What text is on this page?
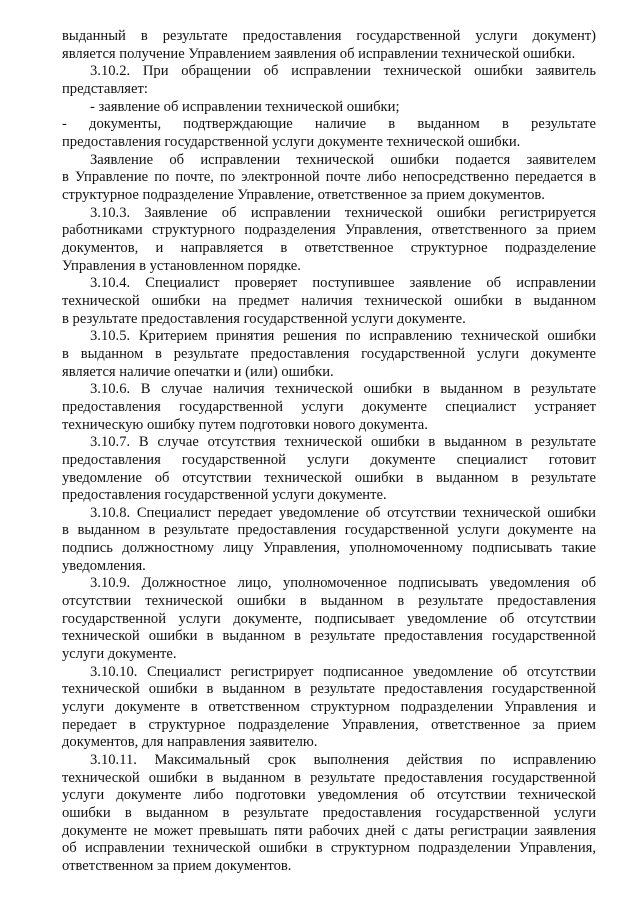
выданный в результате предоставления государственной услуги документ)
является получение Управлением заявления об исправлении технической ошибки.
3.10.2. При обращении об исправлении технической ошибки заявитель
представляет:
- заявление об исправлении технической ошибки;
- документы, подтверждающие наличие в выданном в результате
предоставления государственной услуги документе технической ошибки.
Заявление об исправлении технической ошибки подается заявителем
в Управление по почте, по электронной почте либо непосредственно передается в
структурное подразделение Управление, ответственное за прием документов.
3.10.3. Заявление об исправлении технической ошибки регистрируется
работниками структурного подразделения Управления, ответственного за прием
документов, и направляется в ответственное структурное подразделение
Управления в установленном порядке.
3.10.4. Специалист проверяет поступившее заявление об исправлении
технической ошибки на предмет наличия технической ошибки в выданном
в результате предоставления государственной услуги документе.
3.10.5. Критерием принятия решения по исправлению технической ошибки
в выданном в результате предоставления государственной услуги документе
является наличие опечатки и (или) ошибки.
3.10.6. В случае наличия технической ошибки в выданном в результате
предоставления государственной услуги документе специалист устраняет
техническую ошибку путем подготовки нового документа.
3.10.7. В случае отсутствия технической ошибки в выданном в результате
предоставления государственной услуги документе специалист готовит
уведомление об отсутствии технической ошибки в выданном в результате
предоставления государственной услуги документе.
3.10.8. Специалист передает уведомление об отсутствии технической ошибки
в выданном в результате предоставления государственной услуги документе на
подпись должностному лицу Управления, уполномоченному подписывать такие
уведомления.
3.10.9. Должностное лицо, уполномоченное подписывать уведомления об
отсутствии технической ошибки в выданном в результате предоставления
государственной услуги документе, подписывает уведомление об отсутствии
технической ошибки в выданном в результате предоставления государственной
услуги документе.
3.10.10. Специалист регистрирует подписанное уведомление об отсутствии
технической ошибки в выданном в результате предоставления государственной
услуги документе в ответственном структурном подразделении Управления и
передает в структурное подразделение Управления, ответственное за прием
документов, для направления заявителю.
3.10.11. Максимальный срок выполнения действия по исправлению
технической ошибки в выданном в результате предоставления государственной
услуги документе либо подготовки уведомления об отсутствии технической
ошибки в выданном в результате предоставления государственной услуги
документе не может превышать пяти рабочих дней с даты регистрации заявления
об исправлении технической ошибки в структурном подразделении Управления,
ответственном за прием документов.
